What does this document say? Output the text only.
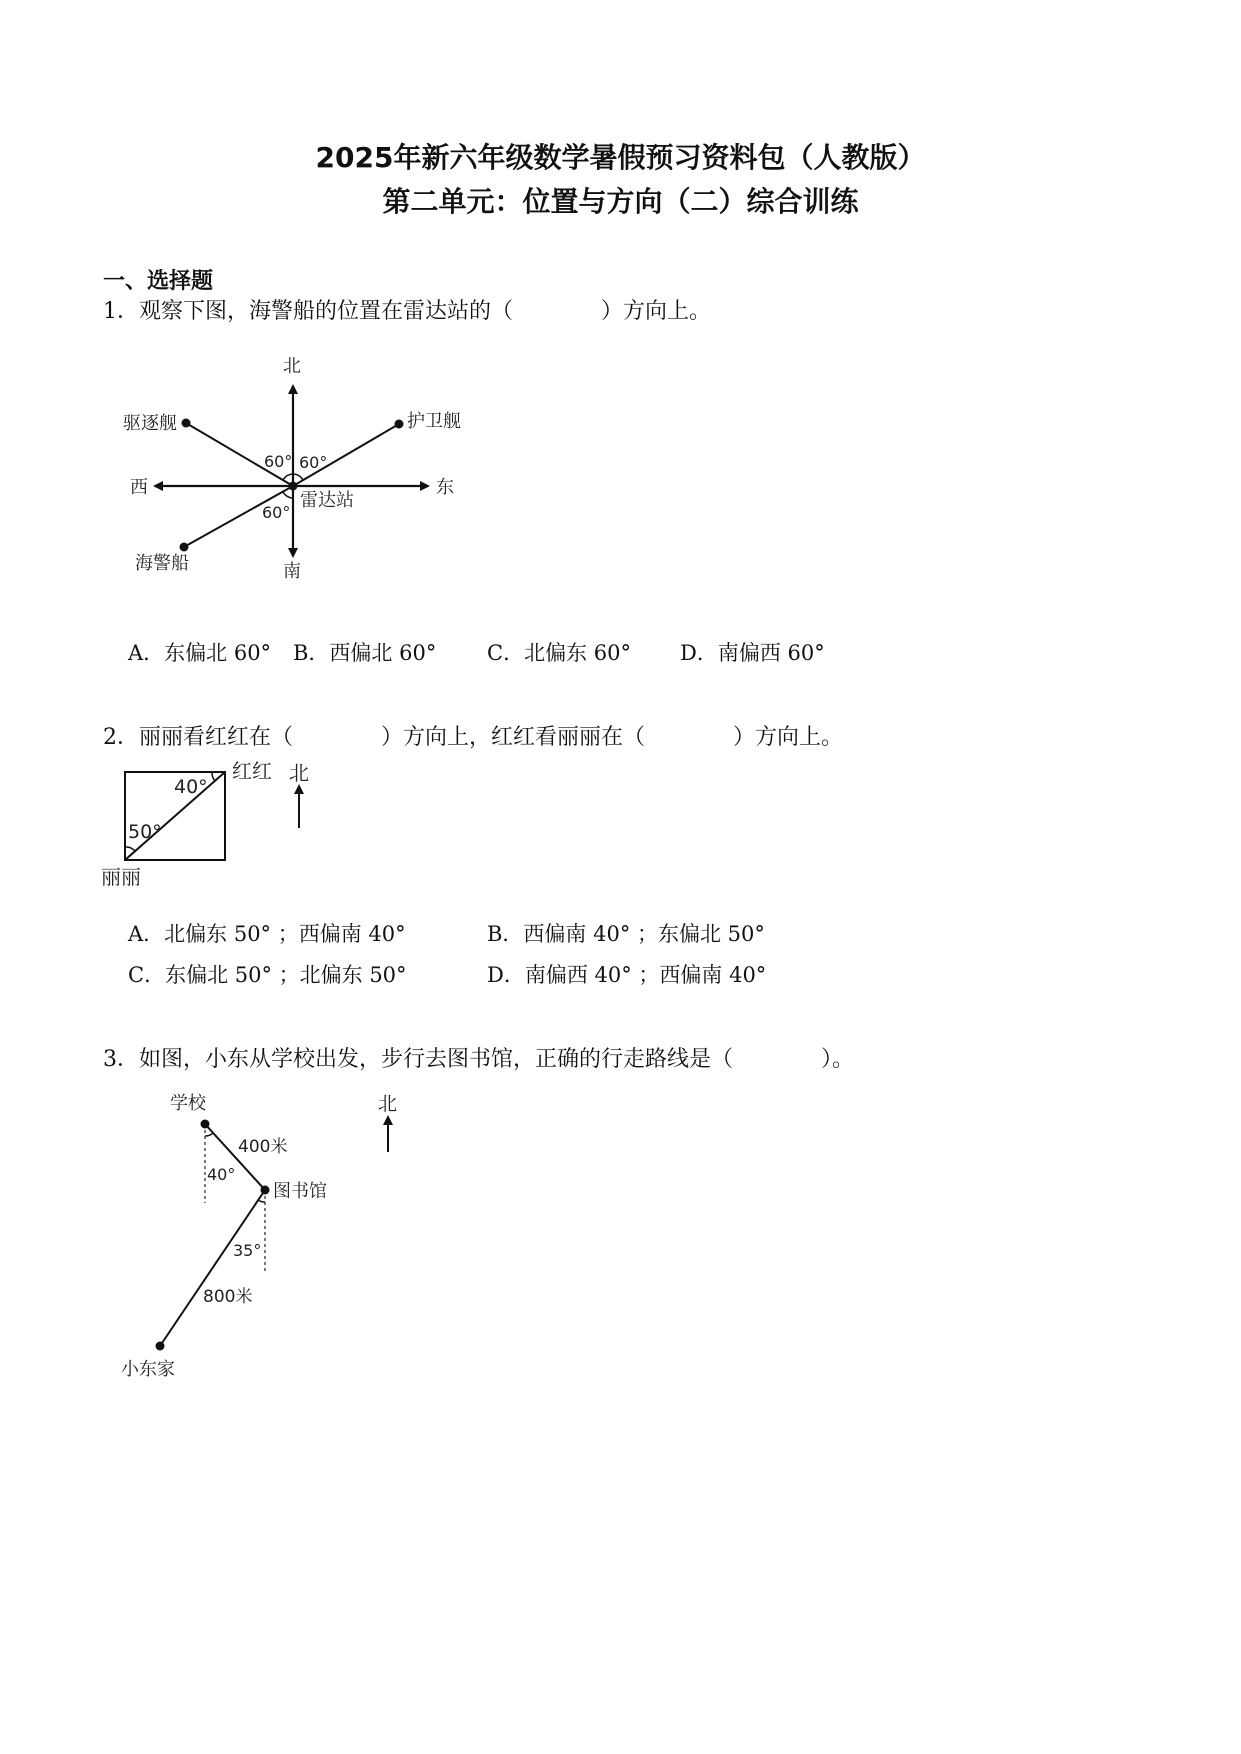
2025年新六年级数学暑假预习资料包（人教版）
第二单元：位置与方向（二）综合训练
一、选择题
1．观察下图，海警船的位置在雷达站的（　　　　）方向上。
北
南
西	东
驱逐舰	护卫舰
雷达站
海警船
60° 60°
60°
A．东偏北 60° B．西偏北 60° C．北偏东 60° D．南偏西 60°
2．丽丽看红红在（　　　　）方向上，红红看丽丽在（　　　　）方向上。
红红 北
丽丽
40°
50°
A．北偏东 50° ；西偏南 40°	B．西偏南 40° ；东偏北 50°
C．东偏北 50° ；北偏东 50°	D．南偏西 40° ；西偏南 40°
3．如图，小东从学校出发，步行去图书馆，正确的行走路线是（　　　　）。
学校	北
400米
40°
图书馆
35°
800米
小东家
